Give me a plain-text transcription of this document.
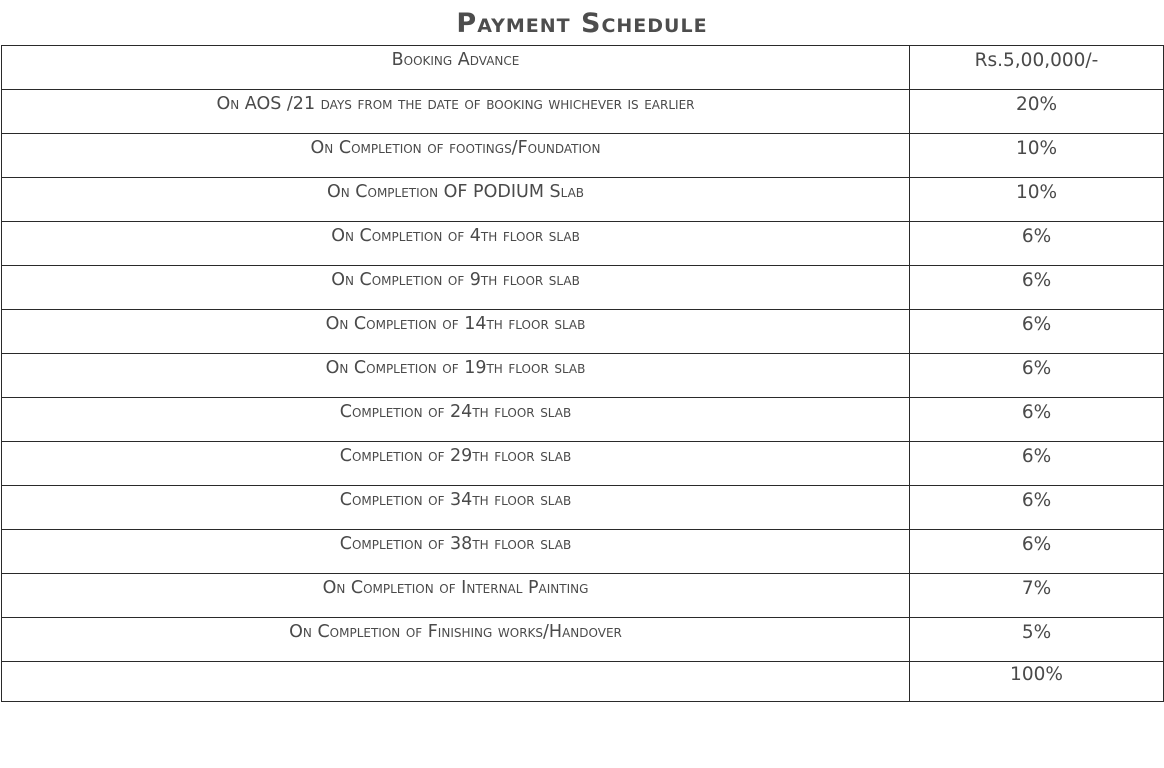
Payment Schedule
Booking Advance	Rs.5,00,000/-
On AOS /21 days from the date of booking whichever is earlier	20%
On Completion of footings/Foundation	10%
On Completion OF PODIUM Slab	10%
On Completion of 4th floor slab	6%
On Completion of 9th floor slab	6%
On Completion of 14th floor slab	6%
On Completion of 19th floor slab	6%
Completion of 24th floor slab	6%
Completion of 29th floor slab	6%
Completion of 34th floor slab	6%
Completion of 38th floor slab	6%
On Completion of Internal Painting	7%
On Completion of Finishing works/Handover	5%
	100%
